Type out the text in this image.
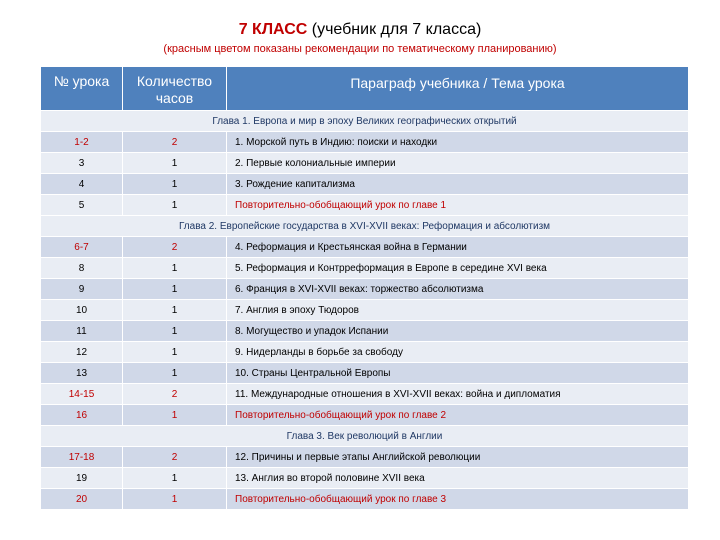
7 КЛАСС (учебник для 7 класса)
(красным цветом показаны рекомендации по тематическому планированию)
№ урока	Количество часов	Параграф учебника / Тема урока
Глава 1. Европа и мир в эпоху Великих географических открытий		
1-2	2	1. Морской путь в Индию: поиски и находки
3	1	2. Первые колониальные империи
4	1	3. Рождение капитализма
5	1	Повторительно-обобщающий урок по главе 1
Глава 2. Европейские государства в XVI-XVII веках: Реформация и абсолютизм		
6-7	2	4. Реформация и Крестьянская война в Германии
8	1	5. Реформация и Контрреформация в Европе в середине XVI века
9	1	6. Франция в XVI-XVII веках: торжество абсолютизма
10	1	7. Англия в эпоху Тюдоров
11	1	8. Могущество и упадок Испании
12	1	9. Нидерланды в борьбе за свободу
13	1	10. Страны Центральной Европы
14-15	2	11. Международные отношения в XVI-XVII веках: война и дипломатия
16	1	Повторительно-обобщающий урок по главе 2
Глава 3. Век революций в Англии		
17-18	2	12. Причины и первые этапы Английской революции
19	1	13. Англия во второй половине XVII века
20	1	Повторительно-обобщающий урок по главе 3
